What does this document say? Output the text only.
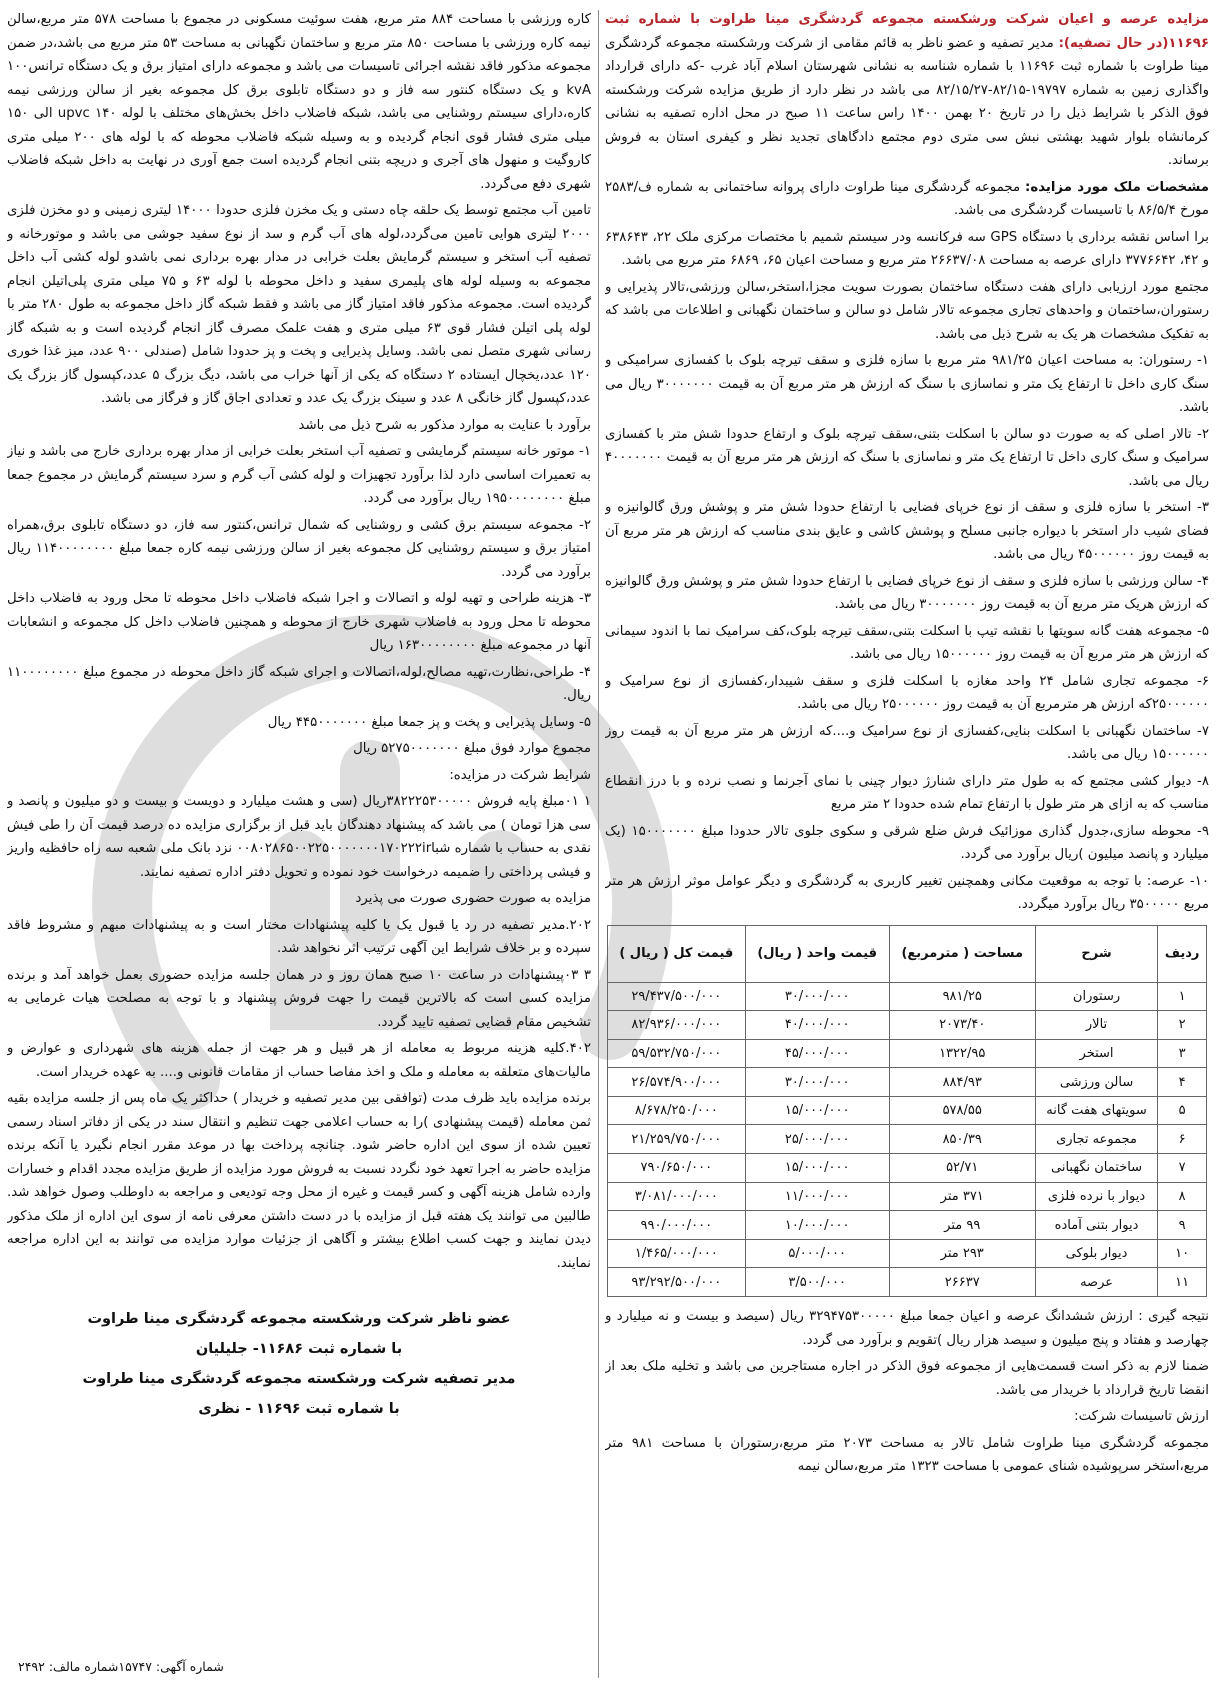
مزایده عرصه و اعیان شرکت ورشکسته مجموعه گردشگری مینا طراوت با شماره ثبت ۱۱۶۹۶(در حال تصفیه): مدیر تصفیه و عضو ناظر به قائم مقامی از شرکت ورشکسته مجموعه گردشگری مینا طراوت با شماره ثبت ۱۱۶۹۶ با شماره شناسه به نشانی شهرستان اسلام آباد غرب -که دارای قرارداد واگذاری زمین به شماره ۱۹۷۹۷-۸۲/۱۵-۸۲/۱۵/۲۷ می باشد در نظر دارد از طریق مزایده شرکت ورشکسته فوق الذکر با شرایط ذیل را در تاریخ ۲۰ بهمن ۱۴۰۰ راس ساعت ۱۱ صبح در محل اداره تصفیه به نشانی کرمانشاه بلوار شهید بهشتی نبش سی متری دوم مجتمع دادگاهای تجدید نظر و کیفری استان به فروش برساند.

مشخصات ملک مورد مزایده: مجموعه گردشگری مینا طراوت دارای پروانه ساختمانی به شماره ف/۲۵۸۳ مورخ ۸۶/۵/۴ با تاسیسات گردشگری می باشد.

برا اساس نقشه برداری با دستگاه GPS سه فرکانسه ودر سیستم شمیم با مختصات مرکزی ملک ۲۲، ۶۳۸۶۴۳ و ۴۲، ۳۷۷۶۶۴۲ دارای عرصه به مساحت ۲۶۶۳۷/۰۸ متر مربع و مساحت اعیان ۶۵، ۶۸۶۹ متر مربع می باشد.

مجتمع مورد ارزیابی دارای هفت دستگاه ساختمان بصورت سویت مجزا،استخر،سالن ورزشی،تالار پذیرایی و رستوران،ساختمان و واحدهای تجاری مجموعه تالار شامل دو سالن و ساختمان نگهبانی و اطلاعات می باشد که به تفکیک مشخصات هر یک به شرح ذیل می باشد.

۱- رستوران: به مساحت اعیان ۹۸۱/۲۵ متر مربع با سازه فلزی و سقف تیرچه بلوک با کفسازی سرامیکی و سنگ کاری داخل تا ارتفاع یک متر و نماسازی با سنگ که ارزش هر متر مربع آن به قیمت ۳۰۰۰۰۰۰۰ ریال می باشد.

۲- تالار اصلی که به صورت دو سالن با اسکلت بتنی،سقف تیرچه بلوک و ارتفاع حدودا شش متر با کفسازی سرامیک و سنگ کاری داخل تا ارتفاع یک متر و نماسازی با سنگ که ارزش هر متر مربع آن به قیمت ۴۰۰۰۰۰۰۰ ریال می باشد.

۳- استخر با سازه فلزی و سقف از نوع خرپای فضایی با ارتفاع حدودا شش متر و پوشش ورق گالوانیزه و فضای شیب دار استخر با دیواره جانبی مسلح و پوشش کاشی و عایق بندی مناسب که ارزش هر متر مربع آن به قیمت روز ۴۵۰۰۰۰۰۰ ریال می باشد.

۴- سالن ورزشی با سازه فلزی و سقف از نوع خرپای فضایی با ارتفاع حدودا شش متر و پوشش ورق گالوانیزه که ارزش هریک متر مربع آن به قیمت روز ۳۰۰۰۰۰۰۰ ریال می باشد.

۵- مجموعه هفت گانه سویتها با نقشه تیپ با اسکلت بتنی،سقف تیرچه بلوک،کف سرامیک نما با اندود سیمانی که ارزش هر متر مربع آن به قیمت روز ۱۵۰۰۰۰۰۰ ریال می باشد.

۶- مجموعه تجاری شامل ۲۴ واحد مغازه با اسکلت فلزی و سقف شیبدار،کفسازی از نوع سرامیک و ۲۵۰۰۰۰۰۰که ارزش هر مترمربع آن به قیمت روز ۲۵۰۰۰۰۰۰ ریال می باشد.

۷- ساختمان نگهبانی با اسکلت بنایی،کفسازی از نوع سرامیک و....که ارزش هر متر مربع آن به قیمت روز ۱۵۰۰۰۰۰۰ ریال می باشد.

۸- دیوار کشی مجتمع که به طول متر دارای شنارژ دیوار چینی با نمای آجرنما و نصب نرده و با درز انقطاع مناسب که به ازای هر متر طول با ارتفاع تمام شده حدودا ۲ متر مربع

۹- محوطه سازی،جدول گذاری موزائیک فرش ضلع شرقی و سکوی جلوی تالار حدودا مبلغ ۱۵۰۰۰۰۰۰۰ (یک میلیارد و پانصد میلیون )ریال برآورد می گردد.

۱۰- عرصه: با توجه به موقعیت مکانی وهمچنین تغییر کاربری به گردشگری و دیگر عوامل موثر ارزش هر متر مربع ۳۵۰۰۰۰۰ ریال برآورد میگردد.

ردیف	شرح	مساحت ( مترمربع)	قیمت واحد ( ریال)	قیمت کل ( ریال )
۱	رستوران	۹۸۱/۲۵	۳۰/۰۰۰/۰۰۰	۲۹/۴۳۷/۵۰۰/۰۰۰
۲	تالار	۲۰۷۳/۴۰	۴۰/۰۰۰/۰۰۰	۸۲/۹۳۶/۰۰۰/۰۰۰
۳	استخر	۱۳۲۲/۹۵	۴۵/۰۰۰/۰۰۰	۵۹/۵۳۲/۷۵۰/۰۰۰
۴	سالن ورزشی	۸۸۴/۹۳	۳۰/۰۰۰/۰۰۰	۲۶/۵۷۴/۹۰۰/۰۰۰
۵	سویتهای هفت گانه	۵۷۸/۵۵	۱۵/۰۰۰/۰۰۰	۸/۶۷۸/۲۵۰/۰۰۰
۶	مجموعه تجاری	۸۵۰/۳۹	۲۵/۰۰۰/۰۰۰	۲۱/۲۵۹/۷۵۰/۰۰۰
۷	ساختمان نگهبانی	۵۲/۷۱	۱۵/۰۰۰/۰۰۰	۷۹۰/۶۵۰/۰۰۰
۸	دیوار با نرده فلزی	۳۷۱ متر	۱۱/۰۰۰/۰۰۰	۳/۰۸۱/۰۰۰/۰۰۰
۹	دیوار بتنی آماده	۹۹ متر	۱۰/۰۰۰/۰۰۰	۹۹۰/۰۰۰/۰۰۰
۱۰	دیوار بلوکی	۲۹۳ متر	۵/۰۰۰/۰۰۰	۱/۴۶۵/۰۰۰/۰۰۰
۱۱	عرصه	۲۶۶۳۷	۳/۵۰۰/۰۰۰	۹۳/۲۹۲/۵۰۰/۰۰۰

نتیجه گیری : ارزش ششدانگ عرصه و اعیان جمعا مبلغ ۳۲۹۴۷۵۳۰۰۰۰۰ ریال (سیصد و بیست و نه میلیارد و چهارصد و هفتاد و پنج میلیون و سیصد هزار ریال )تقویم و برآورد می گردد.

ضمنا لازم به ذکر است قسمت‌هایی از مجموعه فوق الذکر در اجاره مستاجرین می باشد و تخلیه ملک بعد از انقضا تاریخ قرارداد با خریدار می باشد.

ارزش تاسیسات شرکت:

مجموعه گردشگری مینا طراوت شامل تالار به مساحت ۲۰۷۳ متر مربع،رستوران با مساحت ۹۸۱ متر مربع،استخر سرپوشیده شنای عمومی با مساحت ۱۳۲۳ متر مربع،سالن نیمه

کاره ورزشی با مساحت ۸۸۴ متر مربع، هفت سوئیت مسکونی در مجموع با مساحت ۵۷۸ متر مربع،سالن نیمه کاره ورزشی با مساحت ۸۵۰ متر مربع و ساختمان نگهبانی به مساحت ۵۳ متر مربع می باشد،در ضمن مجموعه مذکور فاقد نقشه اجرائی تاسیسات می باشد و مجموعه دارای امتیاز برق و یک دستگاه ترانس۱۰۰ kvA و یک دستگاه کنتور سه فاز و دو دستگاه تابلوی برق کل مجموعه بغیر از سالن ورزشی نیمه کاره،دارای سیستم روشنایی می باشد، شبکه فاضلاب داخل بخش‌های مختلف با لوله upvc ۱۴۰ الی ۱۵۰ میلی متری فشار قوی انجام گردیده و به وسیله شبکه فاضلاب محوطه که با لوله های ۲۰۰ میلی متری کاروگیت و منهول های آجری و دریچه بتنی انجام گردیده است جمع آوری در نهایت به داخل شبکه فاضلاب شهری دفع می‌گردد.

تامین آب مجتمع توسط یک حلقه چاه دستی و یک مخزن فلزی حدودا ۱۴۰۰۰ لیتری زمینی و دو مخزن فلزی ۲۰۰۰ لیتری هوایی تامین می‌گردد،لوله های آب گرم و سد از نوع سفید جوشی می باشد و موتورخانه و تصفیه آب استخر و سیستم گرمایش بعلت خرابی در مدار بهره برداری نمی باشدو لوله کشی آب داخل مجموعه به وسیله لوله های پلیمری سفید و داخل محوطه با لوله ۶۳ و ۷۵ میلی متری پلی‌اتیلن انجام گردیده است. مجموعه مذکور فاقد امتیاز گاز می باشد و فقط شبکه گاز داخل مجموعه به طول ۲۸۰ متر با لوله پلی اتیلن فشار قوی ۶۳ میلی متری و هفت علمک مصرف گاز انجام گردیده است و به شبکه گاز رسانی شهری متصل نمی باشد. وسایل پذیرایی و پخت و پز حدودا شامل (صندلی ۹۰۰ عدد، میز غذا خوری ۱۲۰ عدد،یخچال ایستاده ۲ دستگاه که یکی از آنها خراب می باشد، دیگ بزرگ ۵ عدد،کپسول گاز بزرگ یک عدد،کپسول گاز خانگی ۸ عدد و سینک بزرگ یک عدد و تعدادی اجاق گاز و فرگاز می باشد.

برآورد با عنایت به موارد مذکور به شرح ذیل می باشد

۱- موتور خانه سیستم گرمایشی و تصفیه آب استخر بعلت خرابی از مدار بهره برداری خارج می باشد و نیاز به تعمیرات اساسی دارد لذا برآورد تجهیزات و لوله کشی آب گرم و سرد سیستم گرمایش در مجموع جمعا مبلغ ۱۹۵۰۰۰۰۰۰۰۰ ریال برآورد می گردد.

۲- مجموعه سیستم برق کشی و روشنایی که شمال ترانس،کنتور سه فاز، دو دستگاه تابلوی برق،همراه امتیاز برق و سیستم روشنایی کل مجموعه بغیر از سالن ورزشی نیمه کاره جمعا مبلغ ۱۱۴۰۰۰۰۰۰۰۰ ریال برآورد می گردد.

۳- هزینه طراحی و تهیه لوله و اتصالات و اجرا شبکه فاضلاب داخل محوطه تا محل ورود به فاضلاب داخل محوطه تا محل ورود به فاضلاب شهری خارج از محوطه و همچنین فاضلاب داخل کل مجموعه و انشعابات آنها در مجموعه مبلغ ۱۶۳۰۰۰۰۰۰۰۰ ریال

۴- طراحی،نظارت،تهیه مصالح،لوله،اتصالات و اجرای شبکه گاز داخل محوطه در مجموع مبلغ ۱۱۰۰۰۰۰۰۰۰ ریال.

۵- وسایل پذیرایی و پخت و پز جمعا مبلغ ۴۴۵۰۰۰۰۰۰۰ ریال

مجموع موارد فوق مبلغ ۵۲۷۵۰۰۰۰۰۰۰ ریال

شرایط شرکت در مزایده:

۱ ۰۱مبلغ پایه فروش ۳۸۲۲۲۵۳۰۰۰۰۰ریال (سی و هشت میلیارد و دویست و بیست و دو میلیون و پانصد و سی هزا تومان ) می باشد که پیشنهاد دهندگان باید قبل از برگزاری مزایده ده درصد قیمت آن را طی فیش نقدی به حساب با شماره شبا۰۰۸۰۲۸۶۵۰۰۲۲۵۰۰۰۰۰۰۰۱۷۰۲۲۲ir نزد بانک ملی شعبه سه راه حافظیه واریز و فیشی پرداختی را ضمیمه درخواست خود نموده و تحویل دفتر اداره تصفیه نمایند.

مزایده به صورت حضوری صورت می پذیرد

۲۰۲.مدیر تصفیه در رد یا قبول یک یا کلیه پیشنهادات مختار است و به پیشنهادات مبهم و مشروط فاقد سپرده و بر خلاف شرایط این آگهی ترتیب اثر نخواهد شد.

۳ ۰۳پیشنهادات در ساعت ۱۰ صبح همان روز و در همان جلسه مزایده حضوری بعمل خواهد آمد و برنده مزایده کسی است که بالاترین قیمت را جهت فروش پیشنهاد و با توجه به مصلحت هیات غرمایی به تشخیص مقام قضایی تصفیه تایید گردد.

۴۰۲.کلیه هزینه مربوط به معامله از هر قبیل و هر جهت از جمله هزینه های شهرداری و عوارض و مالیات‌های متعلقه به معامله و ملک و اخذ مفاصا حساب از مقامات قانونی و.... به عهده خریدار است.

برنده مزایده باید ظرف مدت (توافقی بین مدیر تصفیه و خریدار ) حداکثر یک ماه پس از جلسه مزایده بقیه ثمن معامله (قیمت پیشنهادی )را به حساب اعلامی جهت تنظیم و انتقال سند در یکی از دفاتر اسناد رسمی تعیین شده از سوی این اداره حاضر شود. چنانچه پرداخت بها در موعد مقرر انجام نگیرد یا آنکه برنده مزایده حاضر به اجرا تعهد خود نگردد نسبت به فروش مورد مزایده از طریق مزایده مجدد اقدام و خسارات وارده شامل هزینه آگهی و کسر قیمت و غیره از محل وجه تودیعی و مراجعه به داوطلب وصول خواهد شد. طالبین می توانند یک هفته قبل از مزایده با در دست داشتن معرفی نامه از سوی این اداره از ملک مذکور دیدن نمایند و جهت کسب اطلاع بیشتر و آگاهی از جزئیات موارد مزایده می توانند به این اداره مراجعه نمایند.

عضو ناظر شرکت ورشکسته مجموعه گردشگری مینا طراوت

با شماره ثبت ۱۱۶۸۶- جلیلیان

مدیر تصفیه شرکت ورشکسته مجموعه گردشگری مینا طراوت

با شماره ثبت ۱۱۶۹۶ - نظری

شماره آگهی: ۱۵۷۴۷شماره مالف: ۲۴۹۲
